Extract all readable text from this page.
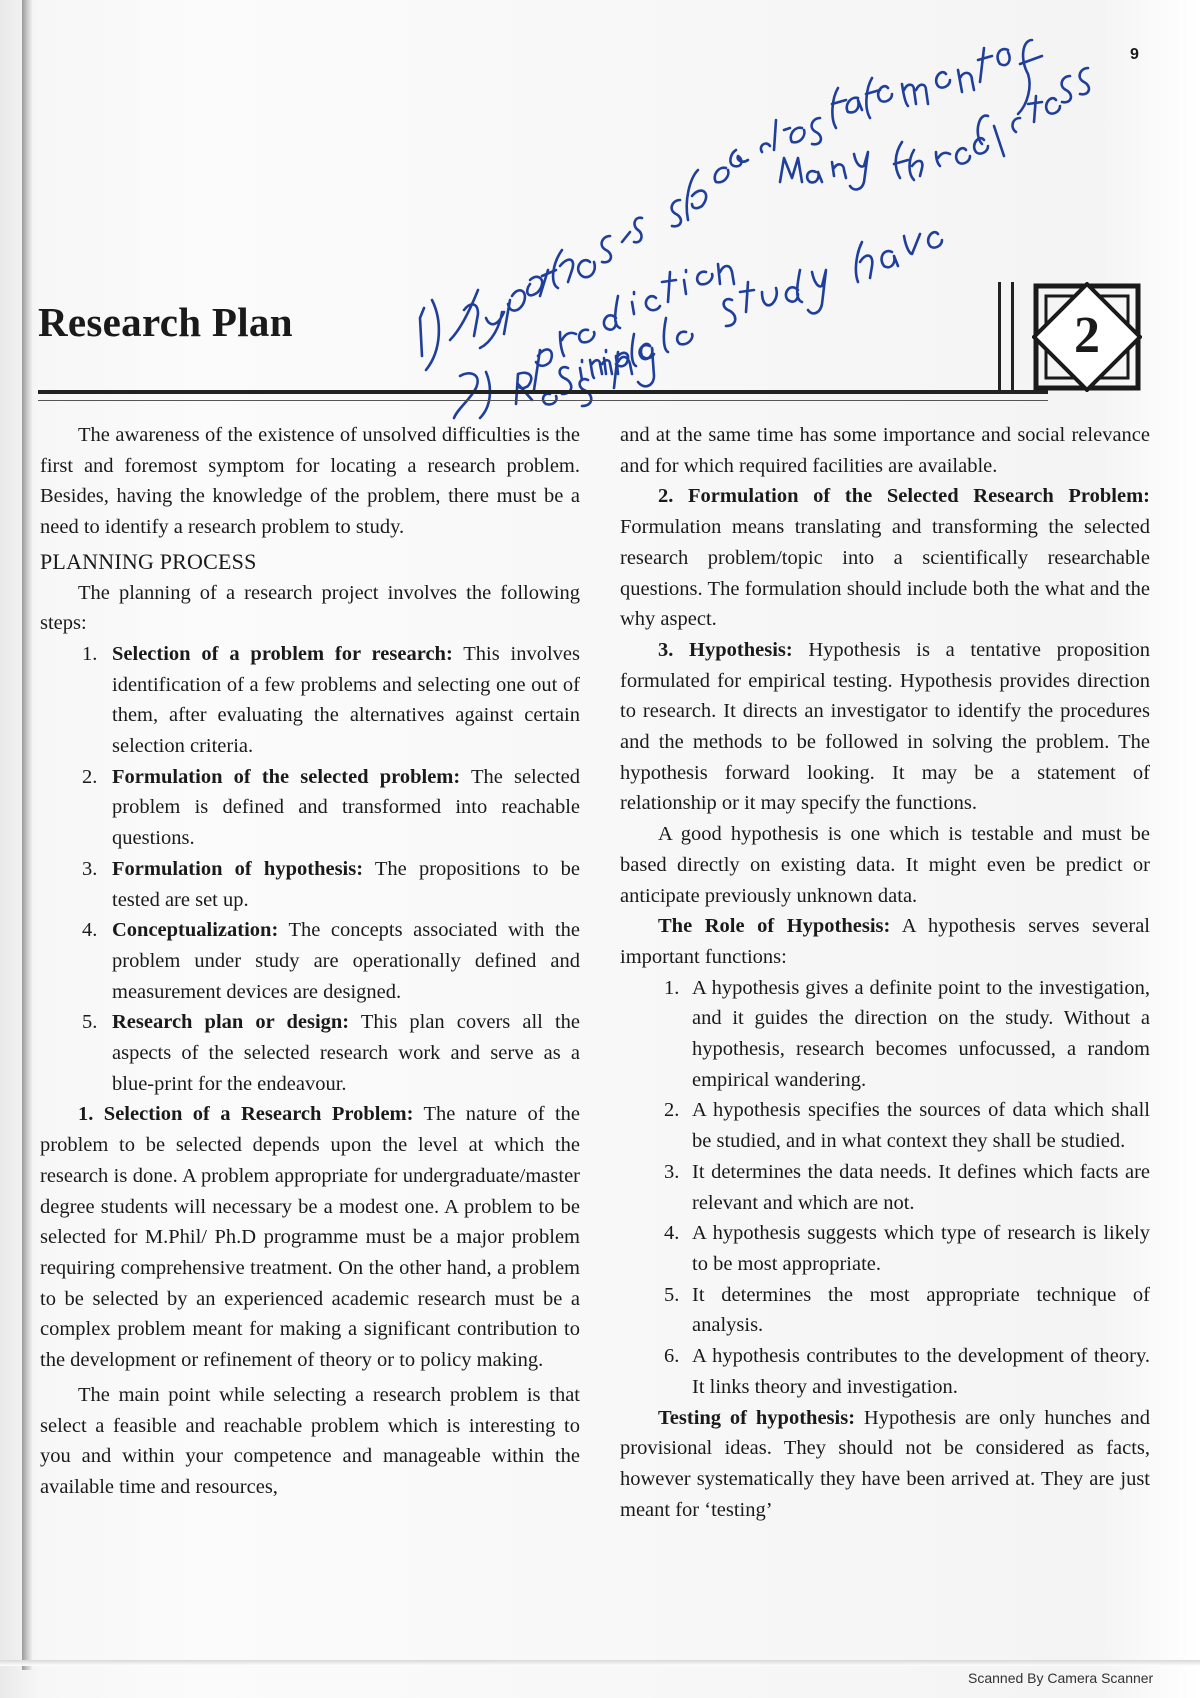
9
Research Plan	2

The awareness of the existence of unsolved difficulties is the first and foremost symptom for locating a research problem. Besides, having the knowledge of the problem, there must be a need to identify a research problem to study.

PLANNING PROCESS

The planning of a research project involves the following steps:

1. Selection of a problem for research: This involves identification of a few problems and selecting one out of them, after evaluating the alternatives against certain selection criteria.
2. Formulation of the selected problem: The selected problem is defined and transformed into reachable questions.
3. Formulation of hypothesis: The propositions to be tested are set up.
4. Conceptualization: The concepts associated with the problem under study are operationally defined and measurement devices are designed.
5. Research plan or design: This plan covers all the aspects of the selected research work and serve as a blue-print for the endeavour.

1. Selection of a Research Problem: The nature of the problem to be selected depends upon the level at which the research is done. A problem appropriate for undergraduate/master degree students will necessary be a modest one. A problem to be selected for M.Phil/ Ph.D programme must be a major problem requiring comprehensive treatment. On the other hand, a problem to be selected by an experienced academic research must be a complex problem meant for making a significant contribution to the development or refinement of theory or to policy making.

The main point while selecting a research problem is that select a feasible and reachable problem which is interesting to you and within your competence and manageable within the available time and resources,

and at the same time has some importance and social relevance and for which required facilities are available.

2. Formulation of the Selected Research Problem: Formulation means translating and transforming the selected research problem/topic into a scientifically researchable questions. The formulation should include both the what and the why aspect.

3. Hypothesis: Hypothesis is a tentative proposition formulated for empirical testing. Hypothesis provides direction to research. It directs an investigator to identify the procedures and the methods to be followed in solving the problem. The hypothesis forward looking. It may be a statement of relationship or it may specify the functions.

A good hypothesis is one which is testable and must be based directly on existing data. It might even be predict or anticipate previously unknown data.

The Role of Hypothesis: A hypothesis serves several important functions:

1. A hypothesis gives a definite point to the investigation, and it guides the direction on the study. Without a hypothesis, research becomes unfocussed, a random empirical wandering.
2. A hypothesis specifies the sources of data which shall be studied, and in what context they shall be studied.
3. It determines the data needs. It defines which facts are relevant and which are not.
4. A hypothesis suggests which type of research is likely to be most appropriate.
5. It determines the most appropriate technique of analysis.
6. A hypothesis contributes to the development of theory. It links theory and investigation.

Testing of hypothesis: Hypothesis are only hunches and provisional ideas. They should not be considered as facts, however systematically they have been arrived at. They are just meant for ‘testing’

Scanned By Camera Scanner
